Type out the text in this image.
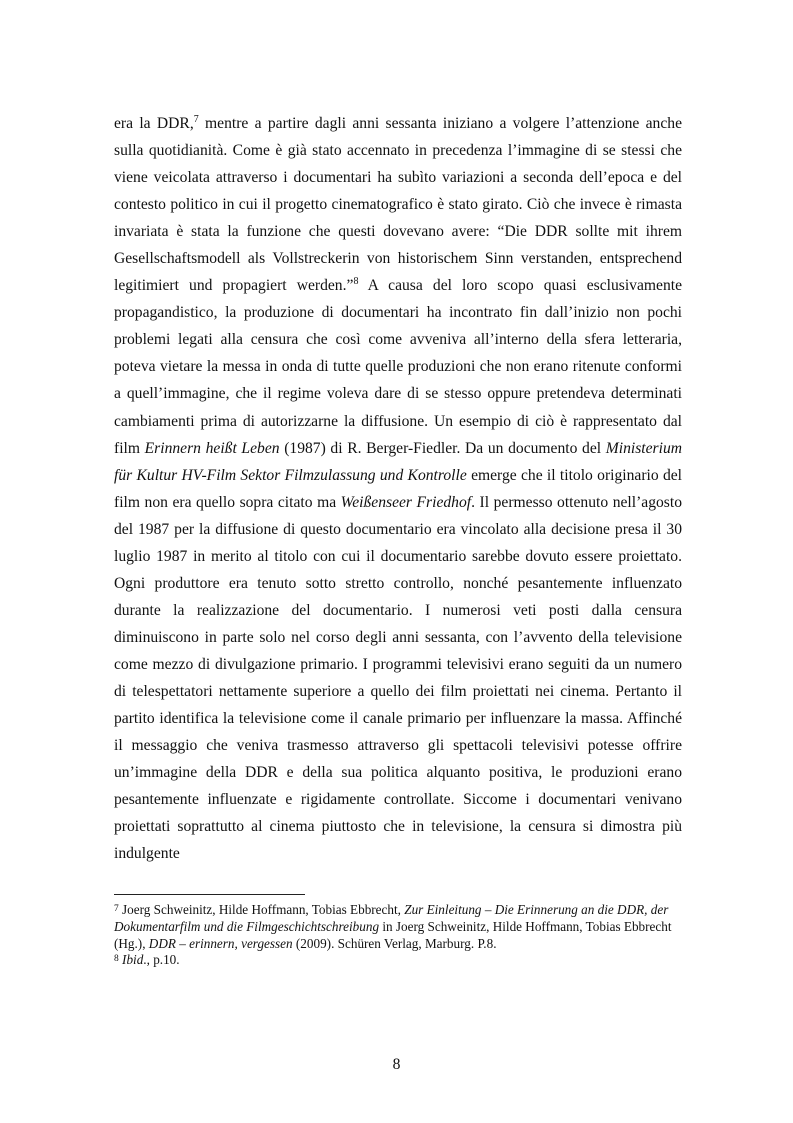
era la DDR,$^7$ mentre a partire dagli anni sessanta iniziano a volgere l’attenzione anche sulla quotidianità. Come è già stato accennato in precedenza l’immagine di se stessi che viene veicolata attraverso i documentari ha subìto variazioni a seconda dell’epoca e del contesto politico in cui il progetto cinematografico è stato girato. Ciò che invece è rimasta invariata è stata la funzione che questi dovevano avere: “Die DDR sollte mit ihrem Gesellschaftsmodell als Vollstreckerin von historischem Sinn verstanden, entsprechend legitimiert und propagiert werden.”$^8$ A causa del loro scopo quasi esclusivamente propagandistico, la produzione di documentari ha incontrato fin dall’inizio non pochi problemi legati alla censura che così come avveniva all’interno della sfera letteraria, poteva vietare la messa in onda di tutte quelle produzioni che non erano ritenute conformi a quell’immagine, che il regime voleva dare di se stesso oppure pretendeva determinati cambiamenti prima di autorizzarne la diffusione. Un esempio di ciò è rappresentato dal film Erinnern heißt Leben (1987) di R. Berger-Fiedler. Da un documento del Ministerium für Kultur HV-Film Sektor Filmzulassung und Kontrolle emerge che il titolo originario del film non era quello sopra citato ma Weißenseer Friedhof. Il permesso ottenuto nell’agosto del 1987 per la diffusione di questo documentario era vincolato alla decisione presa il 30 luglio 1987 in merito al titolo con cui il documentario sarebbe dovuto essere proiettato. Ogni produttore era tenuto sotto stretto controllo, nonché pesantemente influenzato durante la realizzazione del documentario. I numerosi veti posti dalla censura diminuiscono in parte solo nel corso degli anni sessanta, con l’avvento della televisione come mezzo di divulgazione primario. I programmi televisivi erano seguiti da un numero di telespettatori nettamente superiore a quello dei film proiettati nei cinema. Pertanto il partito identifica la televisione come il canale primario per influenzare la massa. Affinché il messaggio che veniva trasmesso attraverso gli spettacoli televisivi potesse offrire un’immagine della DDR e della sua politica alquanto positiva, le produzioni erano pesantemente influenzate e rigidamente controllate. Siccome i documentari venivano proiettati soprattutto al cinema piuttosto che in televisione, la censura si dimostra più indulgente

$^7$ Joerg Schweinitz, Hilde Hoffmann, Tobias Ebbrecht, Zur Einleitung – Die Erinnerung an die DDR, der Dokumentarfilm und die Filmgeschichtschreibung in Joerg Schweinitz, Hilde Hoffmann, Tobias Ebbrecht (Hg.), DDR – erinnern, vergessen (2009). Schüren Verlag, Marburg. P.8.

$^8$ Ibid., p.10.

8
